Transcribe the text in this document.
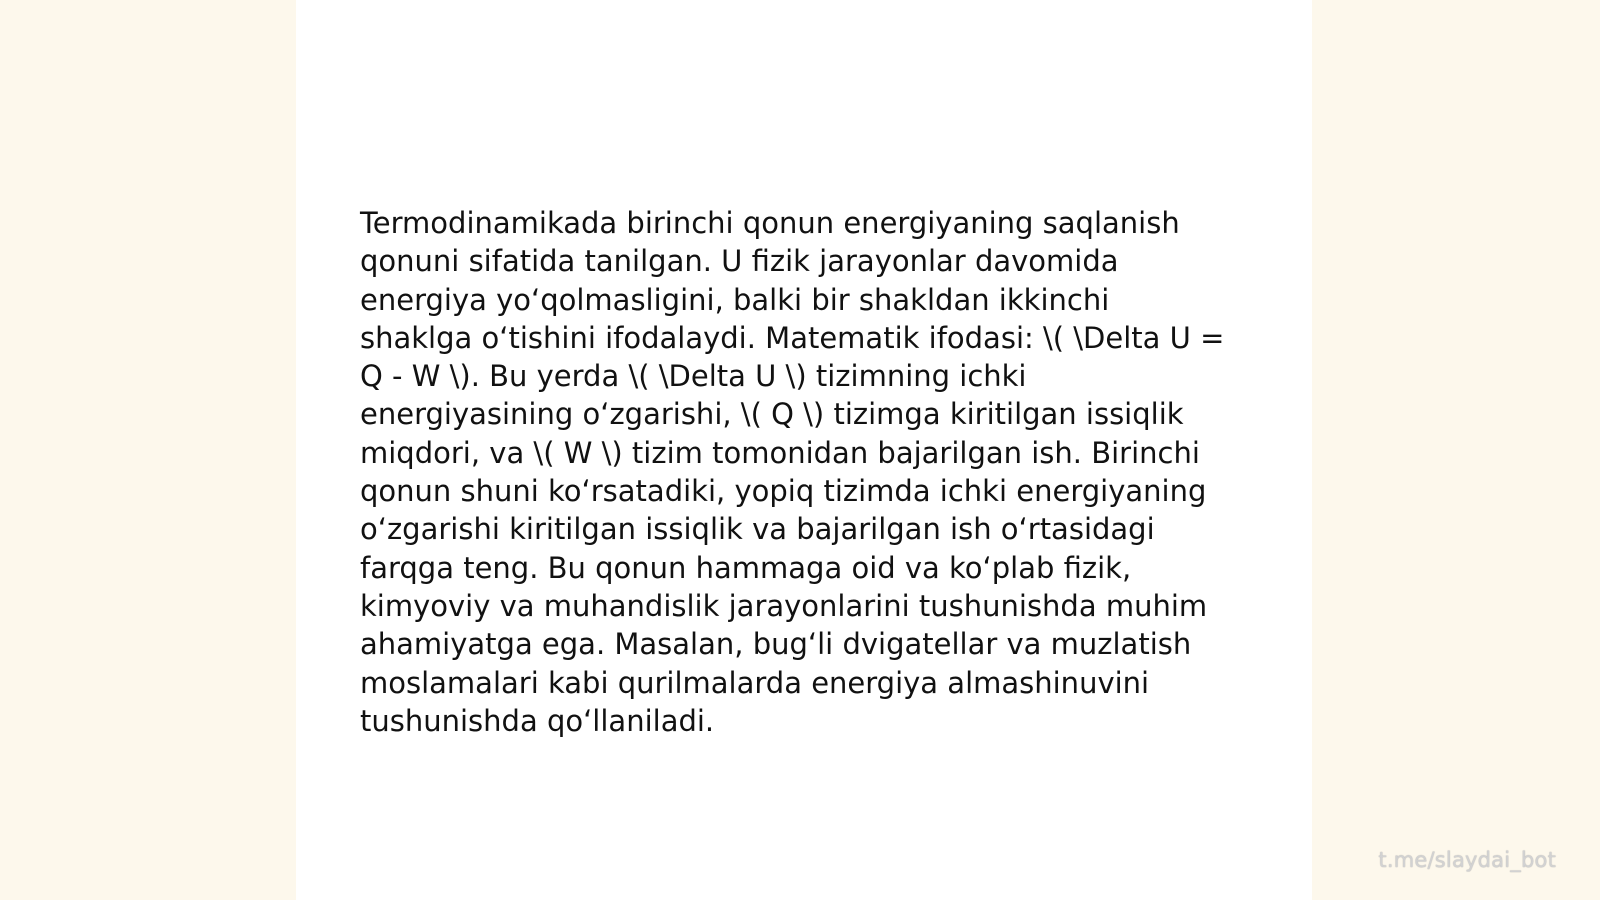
Termodinamikada birinchi qonun energiyaning saqlanish
qonuni sifatida tanilgan. U fizik jarayonlar davomida
energiya yo‘qolmasligini, balki bir shakldan ikkinchi
shaklga o‘tishini ifodalaydi. Matematik ifodasi: \( \Delta U =
Q - W \). Bu yerda \( \Delta U \) tizimning ichki
energiyasining o‘zgarishi, \( Q \) tizimga kiritilgan issiqlik
miqdori, va \( W \) tizim tomonidan bajarilgan ish. Birinchi
qonun shuni ko‘rsatadiki, yopiq tizimda ichki energiyaning
o‘zgarishi kiritilgan issiqlik va bajarilgan ish o‘rtasidagi
farqga teng. Bu qonun hammaga oid va ko‘plab fizik,
kimyoviy va muhandislik jarayonlarini tushunishda muhim
ahamiyatga ega. Masalan, bug‘li dvigatellar va muzlatish
moslamalari kabi qurilmalarda energiya almashinuvini
tushunishda qo‘llaniladi.

t.me/slaydai_bot
